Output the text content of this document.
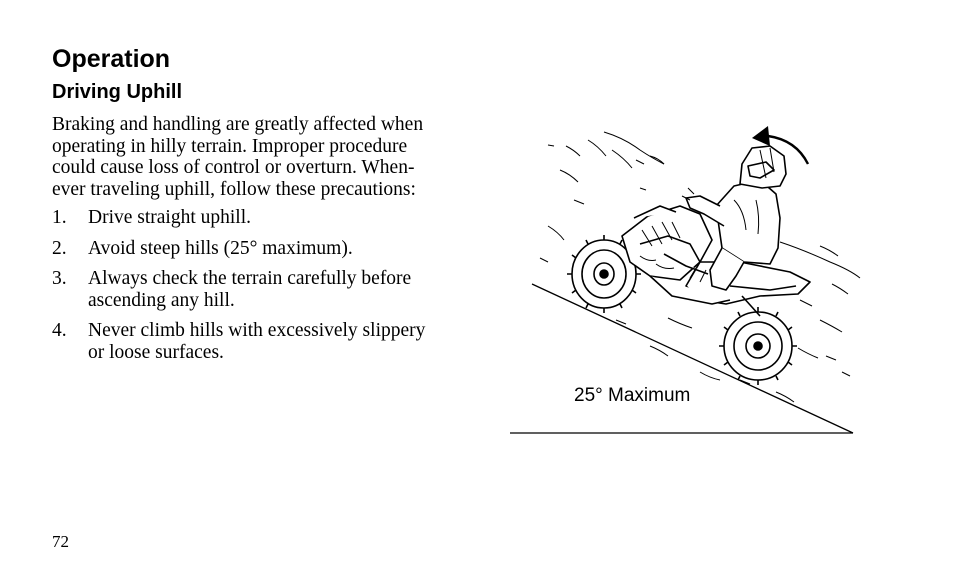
Operation
Driving Uphill
Braking and handling are greatly affected when
operating in hilly terrain. Improper procedure
could cause loss of control or overturn. When-
ever traveling uphill, follow these precautions:
1. Drive straight uphill.
2. Avoid steep hills (25° maximum).
3. Always check the terrain carefully before
ascending any hill.
4. Never climb hills with excessively slippery
or loose surfaces.
25° Maximum
72
